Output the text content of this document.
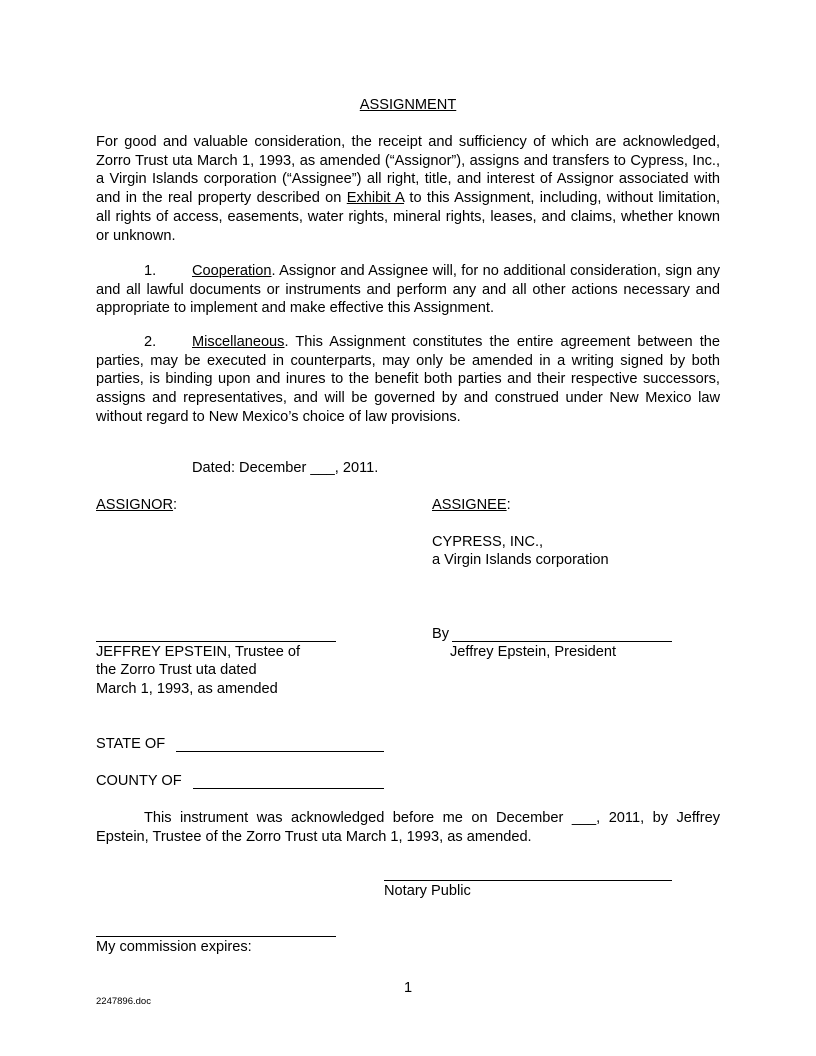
ASSIGNMENT
For good and valuable consideration, the receipt and sufficiency of which are acknowledged, Zorro Trust uta March 1, 1993, as amended (“Assignor”), assigns and transfers to Cypress, Inc., a Virgin Islands corporation (“Assignee”) all right, title, and interest of Assignor associated with and in the real property described on Exhibit A to this Assignment, including, without limitation, all rights of access, easements, water rights, mineral rights, leases, and claims, whether known or unknown.
1. Cooperation. Assignor and Assignee will, for no additional consideration, sign any and all lawful documents or instruments and perform any and all other actions necessary and appropriate to implement and make effective this Assignment.
2. Miscellaneous. This Assignment constitutes the entire agreement between the parties, may be executed in counterparts, may only be amended in a writing signed by both parties, is binding upon and inures to the benefit both parties and their respective successors, assigns and representatives, and will be governed by and construed under New Mexico law without regard to New Mexico’s choice of law provisions.
Dated: December ___, 2011.
ASSIGNOR:	ASSIGNEE:
CYPRESS, INC.,
a Virgin Islands corporation
By
JEFFREY EPSTEIN, Trustee of
the Zorro Trust uta dated
March 1, 1993, as amended
Jeffrey Epstein, President
STATE OF
COUNTY OF
This instrument was acknowledged before me on December ___, 2011, by Jeffrey Epstein, Trustee of the Zorro Trust uta March 1, 1993, as amended.
Notary Public
My commission expires:
1
2247896.doc
